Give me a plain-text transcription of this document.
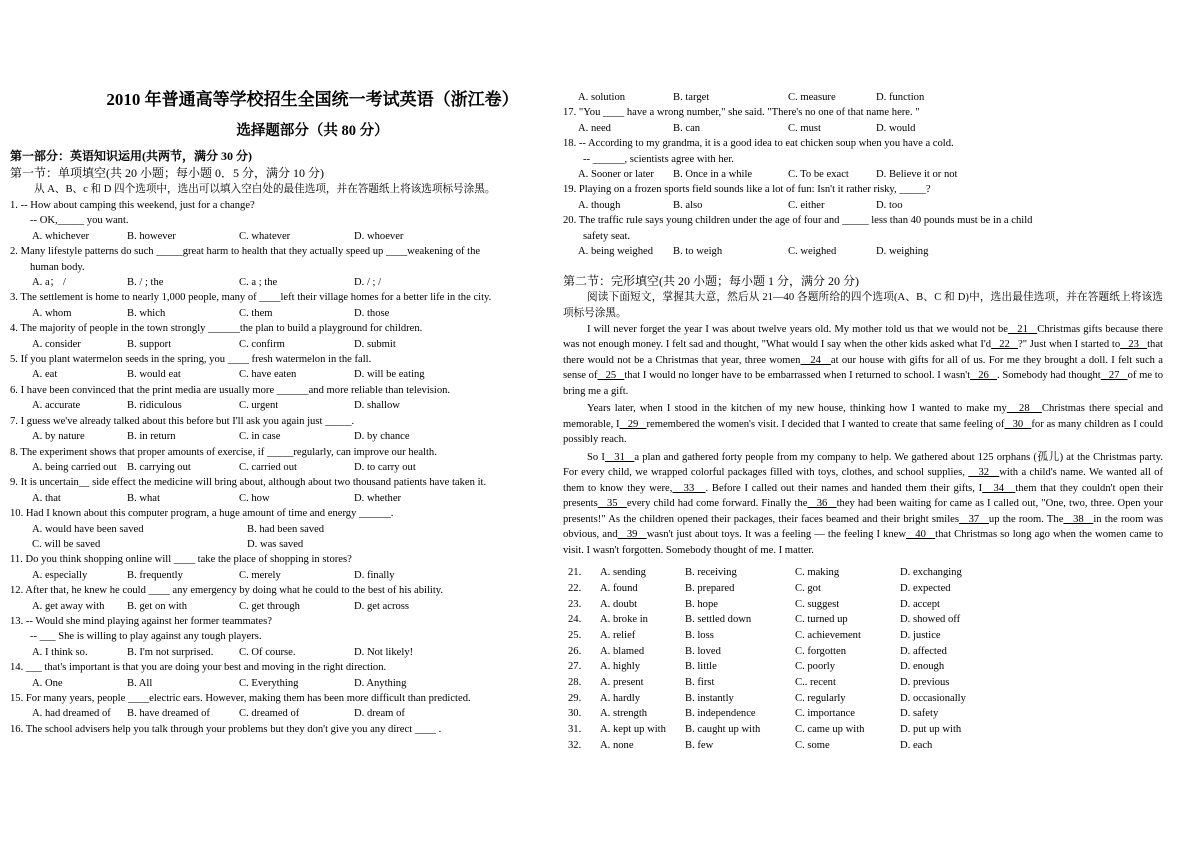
2010 年普通高等学校招生全国统一考试英语（浙江卷）
选择题部分（共 80 分）
第一部分：英语知识运用(共两节，满分 30 分)
第一节：单项填空(共 20 小题；每小题 0．5 分，满分 10 分)
从 A、B、c 和 D 四个选项中，选出可以填入空白处的最佳选项，并在答题纸上将该选项标号涂黑。
1. -- How about camping this weekend, just for a change?
-- OK,_____ you want.
A. whichever	B. however	C. whatever	D. whoever
2. Many lifestyle patterns do such _____great harm to health that they actually speed up ____weakening of the
human body.
A. a； /	B. / ; the	C. a ; the	D. / ; /
3. The settlement is home to nearly 1,000 people, many of ____left their village homes for a better life in the city.
A. whom	B. which	C. them	D. those
4. The majority of people in the town strongly ______the plan to build a playground for children.
A. consider	B. support	C. confirm	D. submit
5. If you plant watermelon seeds in the spring, you ____ fresh watermelon in the fall.
A. eat	B. would eat	C. have eaten	D. will be eating
6. I have been convinced that the print media are usually more ______and more reliable than television.
A. accurate	B. ridiculous	C. urgent	D. shallow
7. I guess we've already talked about this before but I'll ask you again just _____.
A. by nature	B. in return	C. in case	D. by chance
8. The experiment shows that proper amounts of exercise, if _____regularly, can improve our health.
A. being carried out B. carrying out	C. carried out	D. to carry out
9. It is uncertain__ side effect the medicine will bring about, although about two thousand patients have taken it.
A. that	B. what	C. how	D. whether
10. Had I known about this computer program, a huge amount of time and energy ______.
A. would have been saved	B. had been saved
C. will be saved	D. was saved
11. Do you think shopping online will ____ take the place of shopping in stores?
A. especially	B. frequently	C. merely	D. finally
12. After that, he knew he could ____ any emergency by doing what he could to the best of his ability.
A. get away with	B. get on with	C. get through	D. get across
13. -- Would she mind playing against her former teammates?
-- ___ She is willing to play against any tough players.
A. I think so.	B. I'm not surprised.	C. Of course.	D. Not likely!
14. ___ that's important is that you are doing your best and moving in the right direction.
A. One	B. All	C. Everything	D. Anything
15. For many years, people ____electric ears. However, making them has been more difficult than predicted.
A. had dreamed of	B. have dreamed of	C. dreamed of	D. dream of
16. The school advisers help you talk through your problems but they don't give you any direct ____ .
A. solution	B. target	C. measure	D. function
17. "You ____ have a wrong number," she said. "There's no one of that name here. "
A. need	B. can	C. must	D. would
18. -- According to my grandma, it is a good idea to eat chicken soup when you have a cold.
-- ______, scientists agree with her.
A. Sooner or later	B. Once in a while	C. To be exact	D. Believe it or not
19. Playing on a frozen sports field sounds like a lot of fun: Isn't it rather risky, _____?
A. though	B. also	C. either	D. too
20. The traffic rule says young children under the age of four and _____ less than 40 pounds must be in a child
safety seat.
A. being weighed	B. to weigh	C. weighed	D. weighing
第二节：完形填空(共 20 小题；每小题 1 分，满分 20 分)
阅读下面短文，掌握其大意，然后从 21—40 各题所给的四个选项(A、B、C 和 D)中，选出最佳选项，并在答题纸上将该选项标号涂黑。

I will never forget the year I was about twelve years old. My mother told us that we would not be   21   Christmas gifts because there was not enough money. I felt sad and thought, "What would I say when the other kids asked what I'd   22   ?" Just when I started to   23   that there would not be a Christmas that year, three women   24   at our house with gifts for all of us. For me they brought a doll. I felt such a sense of   25   that I would no longer have to be embarrassed when I returned to school. I wasn't   26   . Somebody had thought   27   of me to bring me a gift.

Years later, when I stood in the kitchen of my new house, thinking how I wanted to make my   28   Christmas there special and memorable, I   29   remembered the women's visit. I decided that I wanted to create that same feeling of   30   for as many children as I could possibly reach.

So I   31   a plan and gathered forty people from my company to help. We gathered about 125 orphans (孤儿) at the Christmas party. For every child, we wrapped colorful packages filled with toys, clothes, and school supplies,    32   with a child's name. We wanted all of them to know they were,   33   . Before I called out their names and handed them their gifts, I   34   them that they couldn't open their presents   35   every child had come forward. Finally the   36   they had been waiting for came as I called out, "One, two, three. Open your presents!" As the children opened their packages, their faces beamed and their bright smiles   37   up the room. The   38   in the room was obvious, and   39   wasn't just about toys. It was a feeling — the feeling I knew   40   that Christmas so long ago when the women came to visit. I wasn't forgotten. Somebody thought of me. I matter.

21.	A. sending	B. receiving	C. making	D. exchanging
22.	A. found	B. prepared	C. got	D. expected
23.	A. doubt	B. hope	C. suggest	D. accept
24.	A. broke in	B. settled down	C. turned up	D. showed off
25.	A. relief	B. loss	C. achievement	D. justice
26.	A. blamed	B. loved	C. forgotten	D. affected
27.	A. highly	B. little	C. poorly	D. enough
28.	A. present	B. first	C.. recent	D. previous
29.	A. hardly	B. instantly	C. regularly	D. occasionally
30.	A. strength	B. independence	C. importance	D. safety
31.	A. kept up with	B. caught up with	C. came up with	D. put up with
32.	A. none	B. few	C. some	D. each
